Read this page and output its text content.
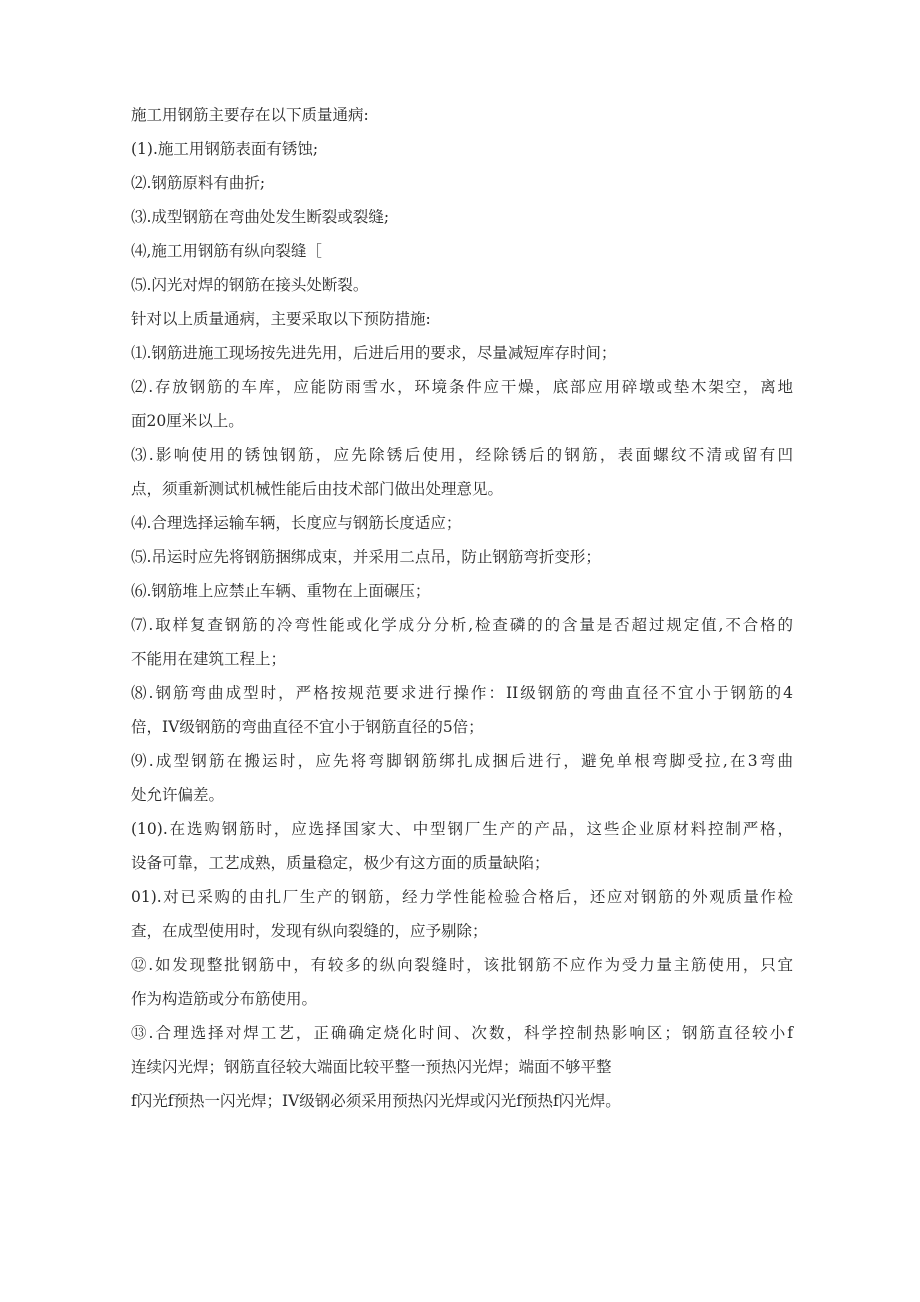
施工用钢筋主要存在以下质量通病:
(1).施工用钢筋表面有锈蚀;
⑵.钢筋原料有曲折;
⑶.成型钢筋在弯曲处发生断裂或裂缝;
⑷,施工用钢筋有纵向裂缝［
⑸.闪光对焊的钢筋在接头处断裂。
针对以上质量通病，主要采取以下预防措施:
⑴.钢筋进施工现场按先进先用，后进后用的要求，尽量减短库存时间；
⑵.存放钢筋的车库，应能防雨雪水，环境条件应干燥，底部应用碎墩或垫木架空，离地
面20厘米以上。
⑶.影响使用的锈蚀钢筋，应先除锈后使用，经除锈后的钢筋，表面螺纹不清或留有凹
点，须重新测试机械性能后由技术部门做出处理意见。
⑷.合理选择运输车辆，长度应与钢筋长度适应；
⑸.吊运时应先将钢筋捆绑成束，并采用二点吊，防止钢筋弯折变形；
⑹.钢筋堆上应禁止车辆、重物在上面碾压；
⑺.取样复查钢筋的冷弯性能或化学成分分析,检查磷的的含量是否超过规定值,不合格的
不能用在建筑工程上；
⑻.钢筋弯曲成型时，严格按规范要求进行操作：II级钢筋的弯曲直径不宜小于钢筋的4
倍，IV级钢筋的弯曲直径不宜小于钢筋直径的5倍；
⑼.成型钢筋在搬运时，应先将弯脚钢筋绑扎成捆后进行，避免单根弯脚受拉,在3弯曲
处允许偏差。
(10).在选购钢筋时，应选择国家大、中型钢厂生产的产品，这些企业原材料控制严格，
设备可靠，工艺成熟，质量稳定，极少有这方面的质量缺陷；
01).对已采购的由扎厂生产的钢筋，经力学性能检验合格后，还应对钢筋的外观质量作检
查，在成型使用时，发现有纵向裂缝的，应予剔除；
⑫.如发现整批钢筋中，有较多的纵向裂缝时，该批钢筋不应作为受力量主筋使用，只宜
作为构造筋或分布筋使用。
⑬.合理选择对焊工艺，正确确定烧化时间、次数，科学控制热影响区；钢筋直径较小f
连续闪光焊；钢筋直径较大端面比较平整一预热闪光焊；端面不够平整
f闪光f预热一闪光焊；IV级钢必须采用预热闪光焊或闪光f预热f闪光焊。
